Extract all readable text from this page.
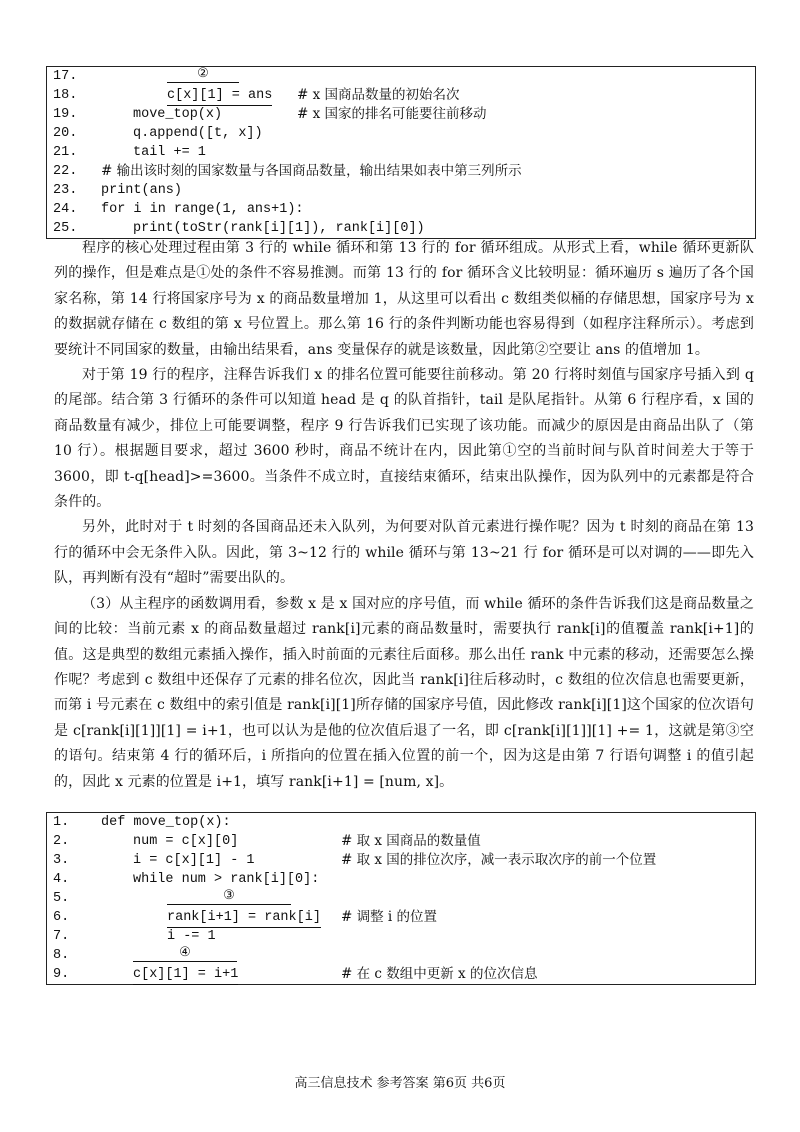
17.

	②

18.

	c[x][1] = ans

# x 国商品数量的初始名次

19.

	move_top(x)

	# x 国家的排名可能要往前移动

20.

	q.append([t, x])

21.

	tail += 1

22.

# 输出该时刻的国家数量与各国商品数量，输出结果如表中第三列所示

23.

print(ans)

24.

for i in range(1, ans+1):

25.

	print(toStr(rank[i][1]), rank[i][0])

程序的核心处理过程由第 3 行的 while 循环和第 13 行的 for 循环组成。从形式上看，while 循环更新队列的操作，但是难点是①处的条件不容易推测。而第 13 行的 for 循环含义比较明显：循环遍历 s 遍历了各个国家名称，第 14 行将国家序号为 x 的商品数量增加 1，从这里可以看出 c 数组类似桶的存储思想，国家序号为 x 的数据就存储在 c 数组的第 x 号位置上。那么第 16 行的条件判断功能也容易得到（如程序注释所示）。考虑到要统计不同国家的数量，由输出结果看，ans 变量保存的就是该数量，因此第②空要让 ans 的值增加 1。

对于第 19 行的程序，注释告诉我们 x 的排名位置可能要往前移动。第 20 行将时刻值与国家序号插入到 q 的尾部。结合第 3 行循环的条件可以知道 head 是 q 的队首指针，tail 是队尾指针。从第 6 行程序看，x 国的商品数量有减少，排位上可能要调整，程序 9 行告诉我们已实现了该功能。而减少的原因是由商品出队了（第 10 行）。根据题目要求，超过 3600 秒时，商品不统计在内，因此第①空的当前时间与队首时间差大于等于 3600，即 t-q[head]>=3600。当条件不成立时，直接结束循环，结束出队操作，因为队列中的元素都是符合条件的。

另外，此时对于 t 时刻的各国商品还未入队列，为何要对队首元素进行操作呢？因为 t 时刻的商品在第 13 行的循环中会无条件入队。因此，第 3~12 行的 while 循环与第 13~21 行 for 循环是可以对调的——即先入队，再判断有没有“超时”需要出队的。

（3）从主程序的函数调用看，参数 x 是 x 国对应的序号值，而 while 循环的条件告诉我们这是商品数量之间的比较：当前元素 x 的商品数量超过 rank[i]元素的商品数量时，需要执行 rank[i]的值覆盖 rank[i+1]的值。这是典型的数组元素插入操作，插入时前面的元素往后面移。那么出任 rank 中元素的移动，还需要怎么操作呢？考虑到 c 数组中还保存了元素的排名位次，因此当 rank[i]往后移动时，c 数组的位次信息也需要更新，而第 i 号元素在 c 数组中的索引值是 rank[i][1]所存储的国家序号值，因此修改 rank[i][1]这个国家的位次语句是 c[rank[i][1]][1] = i+1，也可以认为是他的位次值后退了一名，即 c[rank[i][1]][1] += 1，这就是第③空的语句。结束第 4 行的循环后，i 所指向的位置在插入位置的前一个，因为这是由第 7 行语句调整 i 的值引起的，因此 x 元素的位置是 i+1，填写 rank[i+1] = [num, x]。

1.

def move_top(x):

2.

	num = c[x][0]

	# 取 x 国商品的数量值

3.

	i = c[x][1] - 1

	# 取 x 国的排位次序，减一表示取次序的前一个位置

4.

	while num > rank[i][0]:

5.

	③

6.

	rank[i+1] = rank[i]

# 调整 i 的位置

7.

	i -= 1

8.

	④

9.

	c[x][1] = i+1

	# 在 c 数组中更新 x 的位次信息

高三信息技术 参考答案 第6页 共6页
